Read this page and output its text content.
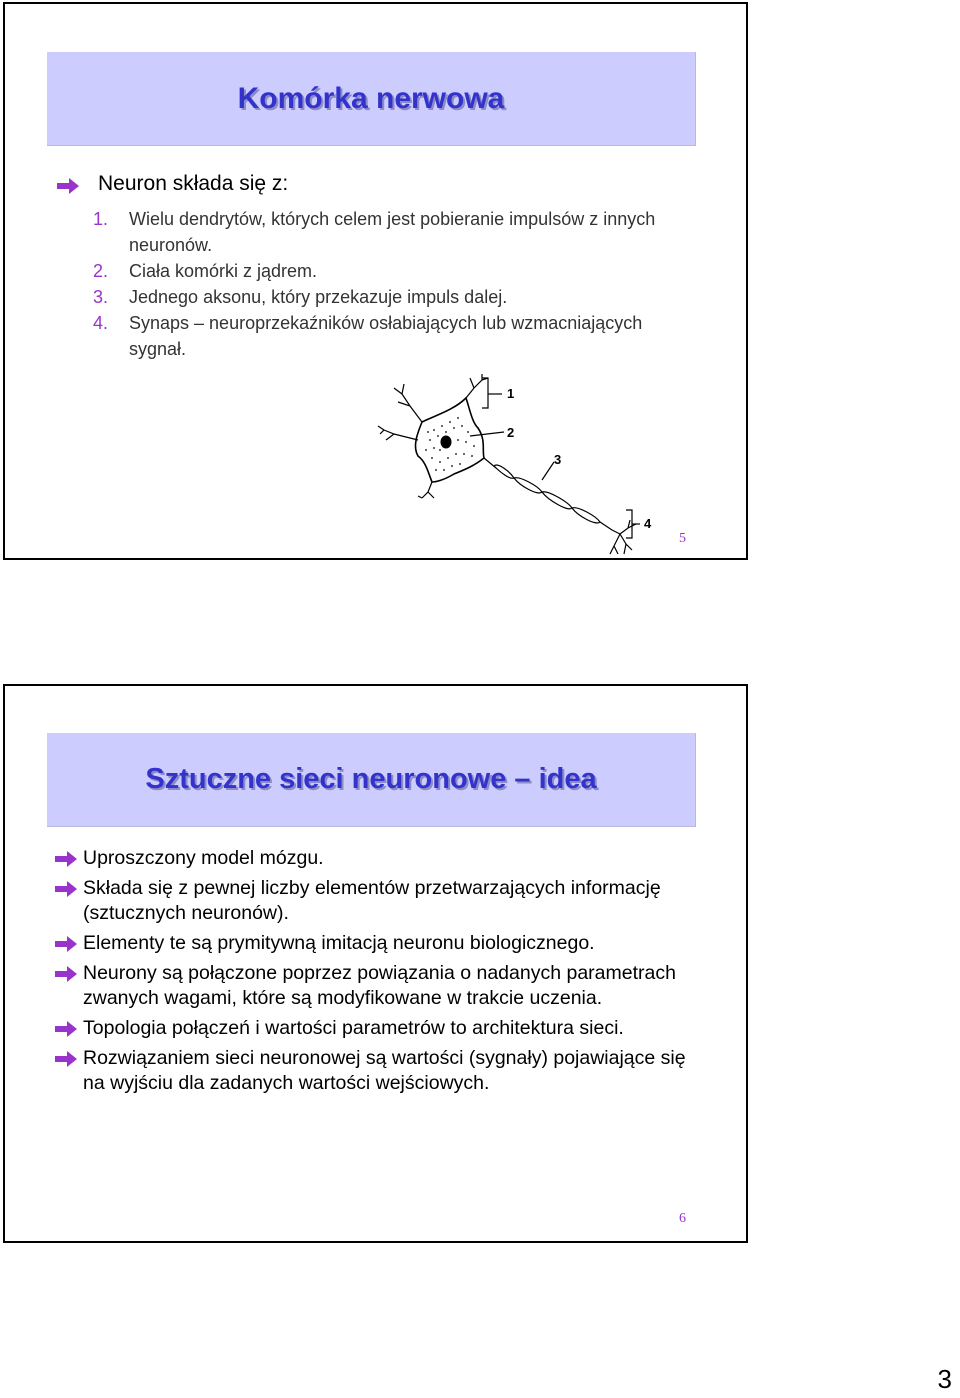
Komórka nerwowa
Neuron składa się z:
1. Wielu dendrytów, których celem jest pobieranie impulsów z innych neuronów.
2. Ciała komórki z jądrem.
3. Jednego aksonu, który przekazuje impuls dalej.
4. Synaps – neuroprzekaźników osłabiających lub wzmacniających sygnał.
5
1
2
3
4
Sztuczne sieci neuronowe – idea
Uproszczony model mózgu.
Składa się z pewnej liczby elementów przetwarzających informację (sztucznych neuronów).
Elementy te są prymitywną imitacją neuronu biologicznego.
Neurony są połączone poprzez powiązania o nadanych parametrach zwanych wagami, które są modyfikowane w trakcie uczenia.
Topologia połączeń i wartości parametrów to architektura sieci.
Rozwiązaniem sieci neuronowej są wartości (sygnały) pojawiające się na wyjściu dla zadanych wartości wejściowych.
6
3
